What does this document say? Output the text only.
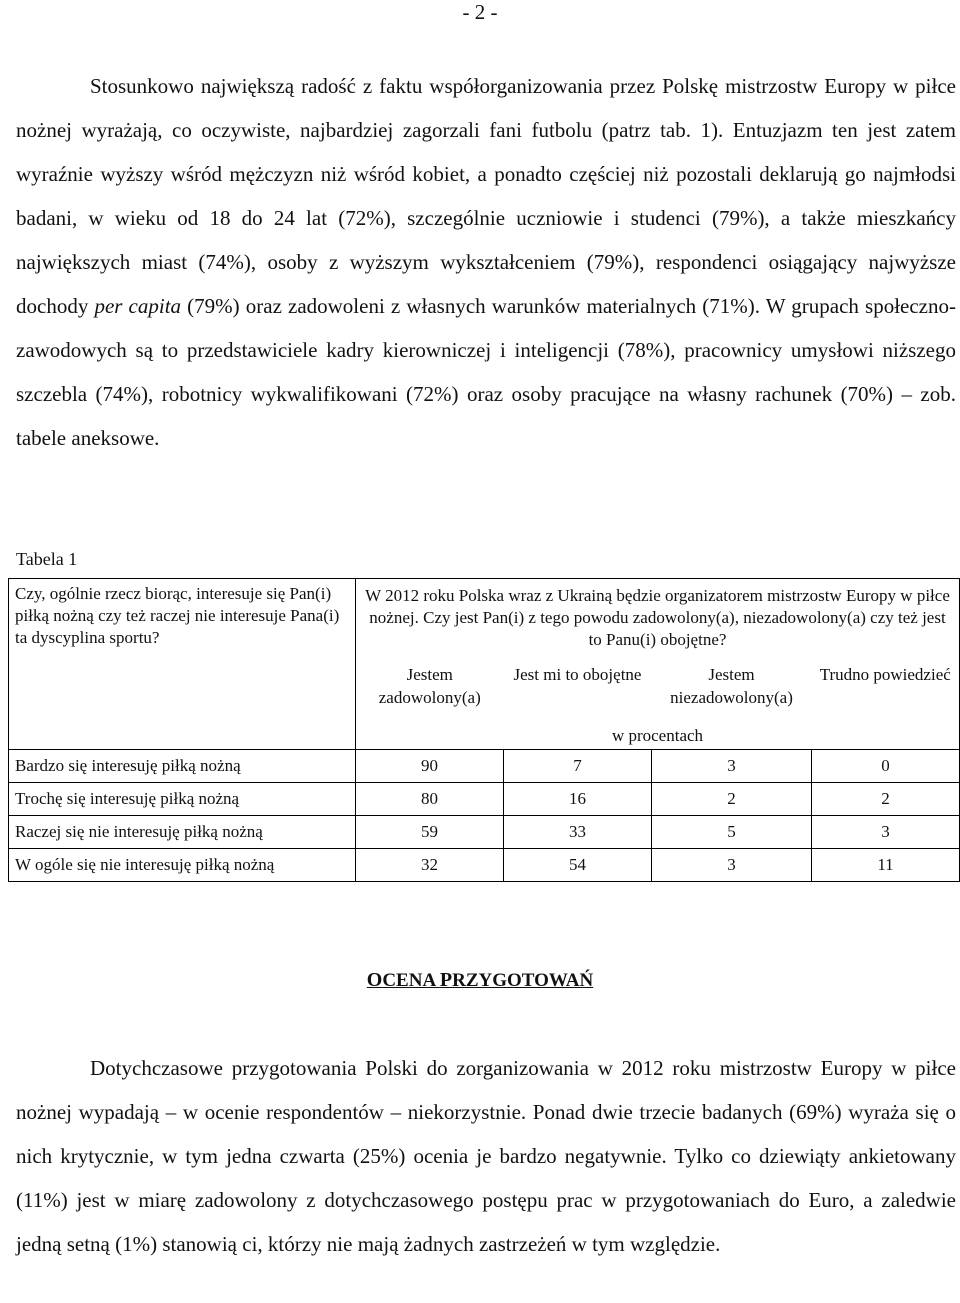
- 2 -

Stosunkowo największą radość z faktu współorganizowania przez Polskę mistrzostw Europy w piłce nożnej wyrażają, co oczywiste, najbardziej zagorzali fani futbolu (patrz tab. 1). Entuzjazm ten jest zatem wyraźnie wyższy wśród mężczyzn niż wśród kobiet, a ponadto częściej niż pozostali deklarują go najmłodsi badani, w wieku od 18 do 24 lat (72%), szczególnie uczniowie i studenci (79%), a także mieszkańcy największych miast (74%), osoby z wyższym wykształceniem (79%), respondenci osiągający najwyższe dochody per capita (79%) oraz zadowoleni z własnych warunków materialnych (71%). W grupach społeczno-zawodowych są to przedstawiciele kadry kierowniczej i inteligencji (78%), pracownicy umysłowi niższego szczebla (74%), robotnicy wykwalifikowani (72%) oraz osoby pracujące na własny rachunek (70%) – zob. tabele aneksowe.

Tabela 1
Czy, ogólnie rzecz biorąc, interesuje się Pan(i) piłką nożną czy też raczej nie interesuje Pana(i) ta dyscyplina sportu?	W 2012 roku Polska wraz z Ukrainą będzie organizatorem mistrzostw Europy w piłce nożnej. Czy jest Pan(i) z tego powodu zadowolony(a), niezadowolony(a) czy też jest to Panu(i) obojętne?			
	Jestem zadowolony(a)	Jest mi to obojętne	Jestem niezadowolony(a)	Trudno powiedzieć
	w procentach			
Bardzo się interesuję piłką nożną	90	7	3	0
Trochę się interesuję piłką nożną	80	16	2	2
Raczej się nie interesuję piłką nożną	59	33	5	3
W ogóle się nie interesuję piłką nożną	32	54	3	11
OCENA PRZYGOTOWAŃ

Dotychczasowe przygotowania Polski do zorganizowania w 2012 roku mistrzostw Europy w piłce nożnej wypadają – w ocenie respondentów – niekorzystnie. Ponad dwie trzecie badanych (69%) wyraża się o nich krytycznie, w tym jedna czwarta (25%) ocenia je bardzo negatywnie. Tylko co dziewiąty ankietowany (11%) jest w miarę zadowolony z dotychczasowego postępu prac w przygotowaniach do Euro, a zaledwie jedną setną (1%) stanowią ci, którzy nie mają żadnych zastrzeżeń w tym względzie.
